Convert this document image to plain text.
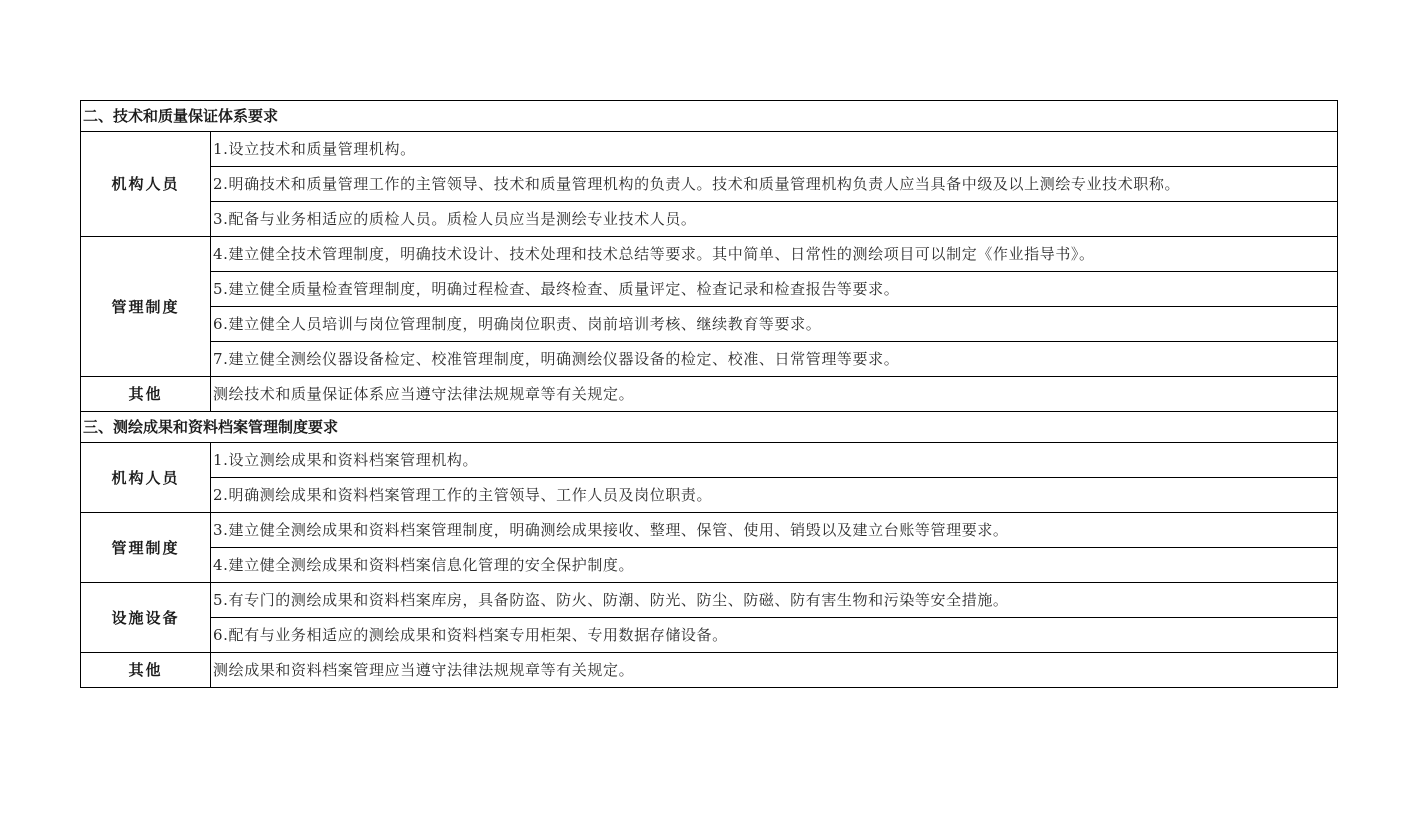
二、技术和质量保证体系要求	
机构人员	1.设立技术和质量管理机构。
	2.明确技术和质量管理工作的主管领导、技术和质量管理机构的负责人。技术和质量管理机构负责人应当具备中级及以上测绘专业技术职称。
	3.配备与业务相适应的质检人员。质检人员应当是测绘专业技术人员。
管理制度	4.建立健全技术管理制度，明确技术设计、技术处理和技术总结等要求。其中简单、日常性的测绘项目可以制定《作业指导书》。
	5.建立健全质量检查管理制度，明确过程检查、最终检查、质量评定、检查记录和检查报告等要求。
	6.建立健全人员培训与岗位管理制度，明确岗位职责、岗前培训考核、继续教育等要求。
	7.建立健全测绘仪器设备检定、校准管理制度，明确测绘仪器设备的检定、校准、日常管理等要求。
其他	测绘技术和质量保证体系应当遵守法律法规规章等有关规定。
三、测绘成果和资料档案管理制度要求	
机构人员	1.设立测绘成果和资料档案管理机构。
	2.明确测绘成果和资料档案管理工作的主管领导、工作人员及岗位职责。
管理制度	3.建立健全测绘成果和资料档案管理制度，明确测绘成果接收、整理、保管、使用、销毁以及建立台账等管理要求。
	4.建立健全测绘成果和资料档案信息化管理的安全保护制度。
设施设备	5.有专门的测绘成果和资料档案库房，具备防盗、防火、防潮、防光、防尘、防磁、防有害生物和污染等安全措施。
	6.配有与业务相适应的测绘成果和资料档案专用柜架、专用数据存储设备。
其他	测绘成果和资料档案管理应当遵守法律法规规章等有关规定。
